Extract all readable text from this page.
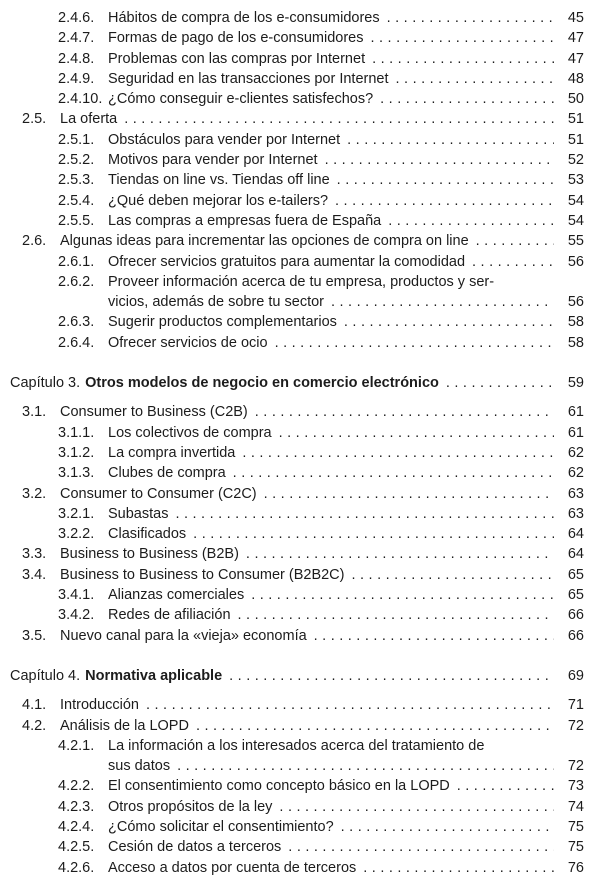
2.4.6. Hábitos de compra de los e-consumidores .....	45
2.4.7. Formas de pago de los e-consumidores .....	47
2.4.8. Problemas con las compras por Internet .....	47
2.4.9. Seguridad en las transacciones por Internet .....	48
2.4.10. ¿Cómo conseguir e-clientes satisfechos? .....	50
2.5. La oferta .....	51
2.5.1. Obstáculos para vender por Internet .....	51
2.5.2. Motivos para vender por Internet .....	52
2.5.3. Tiendas on line vs. Tiendas off line .....	53
2.5.4. ¿Qué deben mejorar los e-tailers? .....	54
2.5.5. Las compras a empresas fuera de España .....	54
2.6. Algunas ideas para incrementar las opciones de compra on line .....	55
2.6.1. Ofrecer servicios gratuitos para aumentar la comodidad .....	56
2.6.2. Proveer información acerca de tu empresa, productos y ser-
vicios, además de sobre tu sector .....	56
2.6.3. Sugerir productos complementarios .....	58
2.6.4. Ofrecer servicios de ocio .....	58
Capítulo 3. Otros modelos de negocio en comercio electrónico .....	59
3.1. Consumer to Business (C2B) .....	61
3.1.1. Los colectivos de compra .....	61
3.1.2. La compra invertida .....	62
3.1.3. Clubes de compra .....	62
3.2. Consumer to Consumer (C2C) .....	63
3.2.1. Subastas .....	63
3.2.2. Clasificados .....	64
3.3. Business to Business (B2B) .....	64
3.4. Business to Business to Consumer (B2B2C) .....	65
3.4.1. Alianzas comerciales .....	65
3.4.2. Redes de afiliación .....	66
3.5. Nuevo canal para la «vieja» economía .....	66
Capítulo 4. Normativa aplicable .....	69
4.1. Introducción .....	71
4.2. Análisis de la LOPD .....	72
4.2.1. La información a los interesados acerca del tratamiento de
sus datos .....	72
4.2.2. El consentimiento como concepto básico en la LOPD .....	73
4.2.3. Otros propósitos de la ley .....	74
4.2.4. ¿Cómo solicitar el consentimiento? .....	75
4.2.5. Cesión de datos a terceros .....	75
4.2.6. Acceso a datos por cuenta de terceros .....	76
